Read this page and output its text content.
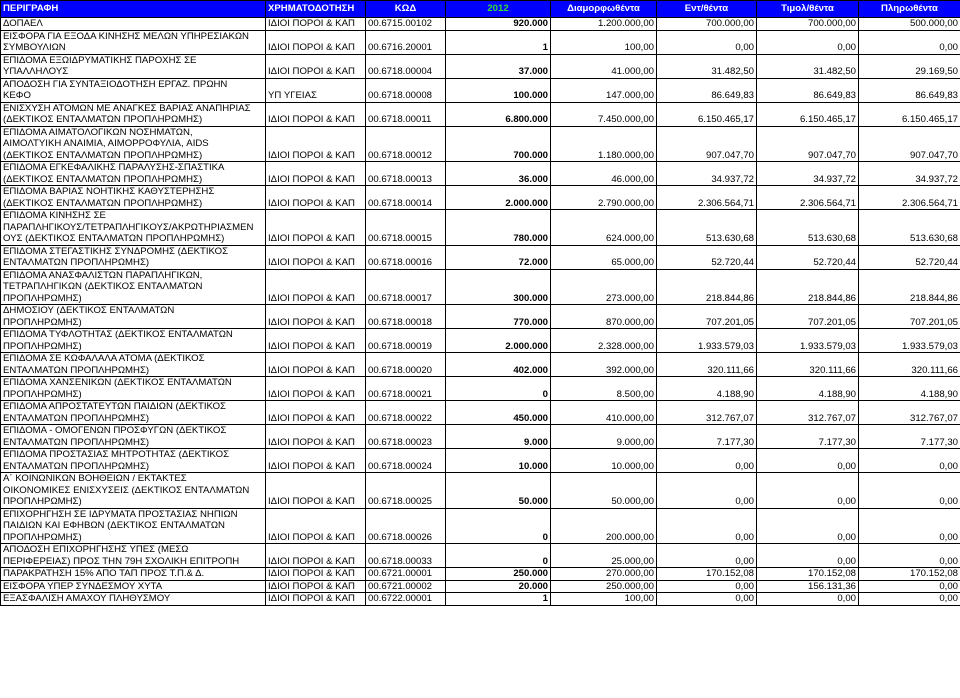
ΠΕΡΙΓΡΑΦΗ	ΧΡΗΜΑΤΟΔΟΤΗΣΗ	ΚΩΔ	2012	Διαμορφωθέντα	Εντ/θέντα	Τιμολ/θέντα	Πληρωθέντα

ΔΟΠΑΕΛ	ΙΔΙΟΙ ΠΟΡΟΙ & ΚΑΠ	00.6715.00102	920.000	1.200.000,00	700.000,00	700.000,00	500.000,00

ΕΙΣΦΟΡΑ ΓΙΑ ΕΞΟΔΑ ΚΙΝΗΣΗΣ ΜΕΛΩΝ ΥΠΗΡΕΣΙΑΚΩΝ
ΣΥΜΒΟΥΛΙΩΝ	ΙΔΙΟΙ ΠΟΡΟΙ & ΚΑΠ	00.6716.20001	1	100,00	0,00	0,00	0,00

ΕΠΙΔΟΜΑ ΕΞΩΙΔΡΥΜΑΤΙΚΗΣ ΠΑΡΟΧΗΣ ΣΕ
ΥΠΑΛΛΗΛΟΥΣ	ΙΔΙΟΙ ΠΟΡΟΙ & ΚΑΠ	00.6718.00004	37.000	41.000,00	31.482,50	31.482,50	29.169,50

ΑΠΟΔΟΣΗ ΓΙΑ ΣΥΝΤΑΞΙΟΔΟΤΗΣΗ ΕΡΓΑΖ. ΠΡΩΗΝ
ΚΕΦΟ	ΥΠ ΥΓΕΙΑΣ	00.6718.00008	100.000	147.000,00	86.649,83	86.649,83	86.649,83

ΕΝΙΣΧΥΣΗ ΑΤΟΜΩΝ ΜΕ ΑΝΑΓΚΕΣ ΒΑΡΙΑΣ ΑΝΑΠΗΡΙΑΣ
(ΔΕΚΤΙΚΟΣ ΕΝΤΑΛΜΑΤΩΝ ΠΡΟΠΛΗΡΩΜΗΣ)	ΙΔΙΟΙ ΠΟΡΟΙ & ΚΑΠ	00.6718.00011	6.800.000	7.450.000,00	6.150.465,17	6.150.465,17	6.150.465,17

ΕΠΙΔΟΜΑ ΑΙΜΑΤΟΛΟΓΙΚΩΝ ΝΟΣΗΜΑΤΩΝ,
ΑΙΜΟΛΤΥΙΚΗ ΑΝΑΙΜΙΑ, ΑΙΜΟΡΡΟΦΥΛΙΑ, AIDS
(ΔΕΚΤΙΚΟΣ ΕΝΤΑΛΜΑΤΩΝ ΠΡΟΠΛΗΡΩΜΗΣ)	ΙΔΙΟΙ ΠΟΡΟΙ & ΚΑΠ	00.6718.00012	700.000	1.180.000,00	907.047,70	907.047,70	907.047,70

ΕΠΙΔΟΜΑ ΕΓΚΕΦΑΛΙΚΗΣ ΠΑΡΑΛΥΣΗΣ-ΣΠΑΣΤΙΚΑ
(ΔΕΚΤΙΚΟΣ ΕΝΤΑΛΜΑΤΩΝ ΠΡΟΠΛΗΡΩΜΗΣ)	ΙΔΙΟΙ ΠΟΡΟΙ & ΚΑΠ	00.6718.00013	36.000	46.000,00	34.937,72	34.937,72	34.937,72

ΕΠΙΔΟΜΑ ΒΑΡΙΑΣ ΝΟΗΤΙΚΗΣ ΚΑΘΥΣΤΕΡΗΣΗΣ
(ΔΕΚΤΙΚΟΣ ΕΝΤΑΛΜΑΤΩΝ ΠΡΟΠΛΗΡΩΜΗΣ)	ΙΔΙΟΙ ΠΟΡΟΙ & ΚΑΠ	00.6718.00014	2.000.000	2.790.000,00	2.306.564,71	2.306.564,71	2.306.564,71

ΕΠΙΔΟΜΑ ΚΙΝΗΣΗΣ ΣΕ
ΠΑΡΑΠΛΗΓΙΚΟΥΣ/ΤΕΤΡΑΠΛΗΓΙΚΟΥΣ/ΑΚΡΩΤΗΡΙΑΣΜΕΝ
ΟΥΣ (ΔΕΚΤΙΚΟΣ ΕΝΤΑΛΜΑΤΩΝ ΠΡΟΠΛΗΡΩΜΗΣ)	ΙΔΙΟΙ ΠΟΡΟΙ & ΚΑΠ	00.6718.00015	780.000	624.000,00	513.630,68	513.630,68	513.630,68

ΕΠΙΔΟΜΑ ΣΤΕΓΑΣΤΙΚΗΣ ΣΥΝΔΡΟΜΗΣ (ΔΕΚΤΙΚΟΣ
ΕΝΤΑΛΜΑΤΩΝ ΠΡΟΠΛΗΡΩΜΗΣ)	ΙΔΙΟΙ ΠΟΡΟΙ & ΚΑΠ	00.6718.00016	72.000	65.000,00	52.720,44	52.720,44	52.720,44

ΕΠΙΔΟΜΑ ΑΝΑΣΦΑΛΙΣΤΩΝ ΠΑΡΑΠΛΗΓΙΚΩΝ,
ΤΕΤΡΑΠΛΗΓΙΚΩΝ (ΔΕΚΤΙΚΟΣ ΕΝΤΑΛΜΑΤΩΝ
ΠΡΟΠΛΗΡΩΜΗΣ)	ΙΔΙΟΙ ΠΟΡΟΙ & ΚΑΠ	00.6718.00017	300.000	273.000,00	218.844,86	218.844,86	218.844,86

ΔΗΜΟΣΙΟΥ (ΔΕΚΤΙΚΟΣ ΕΝΤΑΛΜΑΤΩΝ
ΠΡΟΠΛΗΡΩΜΗΣ)	ΙΔΙΟΙ ΠΟΡΟΙ & ΚΑΠ	00.6718.00018	770.000	870.000,00	707.201,05	707.201,05	707.201,05

ΕΠΙΔΟΜΑ ΤΥΦΛΟΤΗΤΑΣ (ΔΕΚΤΙΚΟΣ ΕΝΤΑΛΜΑΤΩΝ
ΠΡΟΠΛΗΡΩΜΗΣ)	ΙΔΙΟΙ ΠΟΡΟΙ & ΚΑΠ	00.6718.00019	2.000.000	2.328.000,00	1.933.579,03	1.933.579,03	1.933.579,03

ΕΠΙΔΟΜΑ ΣΕ ΚΩΦΑΛΑΛΑ ΑΤΟΜΑ (ΔΕΚΤΙΚΟΣ
ΕΝΤΑΛΜΑΤΩΝ ΠΡΟΠΛΗΡΩΜΗΣ)	ΙΔΙΟΙ ΠΟΡΟΙ & ΚΑΠ	00.6718.00020	402.000	392.000,00	320.111,66	320.111,66	320.111,66

ΕΠΙΔΟΜΑ ΧΑΝΣΕΝΙΚΩΝ (ΔΕΚΤΙΚΟΣ ΕΝΤΑΛΜΑΤΩΝ
ΠΡΟΠΛΗΡΩΜΗΣ)	ΙΔΙΟΙ ΠΟΡΟΙ & ΚΑΠ	00.6718.00021	0	8.500,00	4.188,90	4.188,90	4.188,90

ΕΠΙΔΟΜΑ ΑΠΡΟΣΤΑΤΕΥΤΩΝ ΠΑΙΔΙΩΝ (ΔΕΚΤΙΚΟΣ
ΕΝΤΑΛΜΑΤΩΝ ΠΡΟΠΛΗΡΩΜΗΣ)	ΙΔΙΟΙ ΠΟΡΟΙ & ΚΑΠ	00.6718.00022	450.000	410.000,00	312.767,07	312.767,07	312.767,07

ΕΠΙΔΟΜΑ - ΟΜΟΓΕΝΩΝ ΠΡΟΣΦΥΓΩΝ (ΔΕΚΤΙΚΟΣ
ΕΝΤΑΛΜΑΤΩΝ ΠΡΟΠΛΗΡΩΜΗΣ)	ΙΔΙΟΙ ΠΟΡΟΙ & ΚΑΠ	00.6718.00023	9.000	9.000,00	7.177,30	7.177,30	7.177,30

ΕΠΙΔΟΜΑ ΠΡΟΣΤΑΣΙΑΣ ΜΗΤΡΟΤΗΤΑΣ (ΔΕΚΤΙΚΟΣ
ΕΝΤΑΛΜΑΤΩΝ ΠΡΟΠΛΗΡΩΜΗΣ)	ΙΔΙΟΙ ΠΟΡΟΙ & ΚΑΠ	00.6718.00024	10.000	10.000,00	0,00	0,00	0,00

Α΄ ΚΟΙΝΩΝΙΚΩΝ ΒΟΗΘΕΙΩΝ / ΕΚΤΑΚΤΕΣ
ΟΙΚΟΝΟΜΙΚΕΣ ΕΝΙΣΧΥΣΕΙΣ (ΔΕΚΤΙΚΟΣ ΕΝΤΑΛΜΑΤΩΝ
ΠΡΟΠΛΗΡΩΜΗΣ)	ΙΔΙΟΙ ΠΟΡΟΙ & ΚΑΠ	00.6718.00025	50.000	50.000,00	0,00	0,00	0,00

ΕΠΙΧΟΡΗΓΗΣΗ ΣΕ ΙΔΡΥΜΑΤΑ ΠΡΟΣΤΑΣΙΑΣ ΝΗΠΙΩΝ
ΠΑΙΔΙΩΝ ΚΑΙ ΕΦΗΒΩΝ (ΔΕΚΤΙΚΟΣ ΕΝΤΑΛΜΑΤΩΝ
ΠΡΟΠΛΗΡΩΜΗΣ)	ΙΔΙΟΙ ΠΟΡΟΙ & ΚΑΠ	00.6718.00026	0	200.000,00	0,00	0,00	0,00

ΑΠΟΔΟΣΗ ΕΠΙΧΟΡΗΓΗΣΗΣ ΥΠΕΣ (ΜΕΣΩ
ΠΕΡΙΦΕΡΕΙΑΣ) ΠΡΟΣ ΤΗΝ 79Η ΣΧΟΛΙΚΗ ΕΠΙΤΡΟΠΗ	ΙΔΙΟΙ ΠΟΡΟΙ & ΚΑΠ	00.6718.00033	0	25.000,00	0,00	0,00	0,00

ΠΑΡΑΚΡΑΤΗΣΗ 15% ΑΠΟ ΤΑΠ ΠΡΟΣ Τ.Π.& Δ.	ΙΔΙΟΙ ΠΟΡΟΙ & ΚΑΠ	00.6721.00001	250.000	270.000,00	170.152,08	170.152,08	170.152,08

ΕΙΣΦΟΡΑ ΥΠΕΡ ΣΥΝΔΕΣΜΟΥ ΧΥΤΑ	ΙΔΙΟΙ ΠΟΡΟΙ & ΚΑΠ	00.6721.00002	20.000	250.000,00	0,00	156.131,36	0,00

ΕΞΑΣΦΑΛΙΣΗ ΑΜΑΧΟΥ ΠΛΗΘΥΣΜΟΥ	ΙΔΙΟΙ ΠΟΡΟΙ & ΚΑΠ	00.6722.00001	1	100,00	0,00	0,00	0,00
